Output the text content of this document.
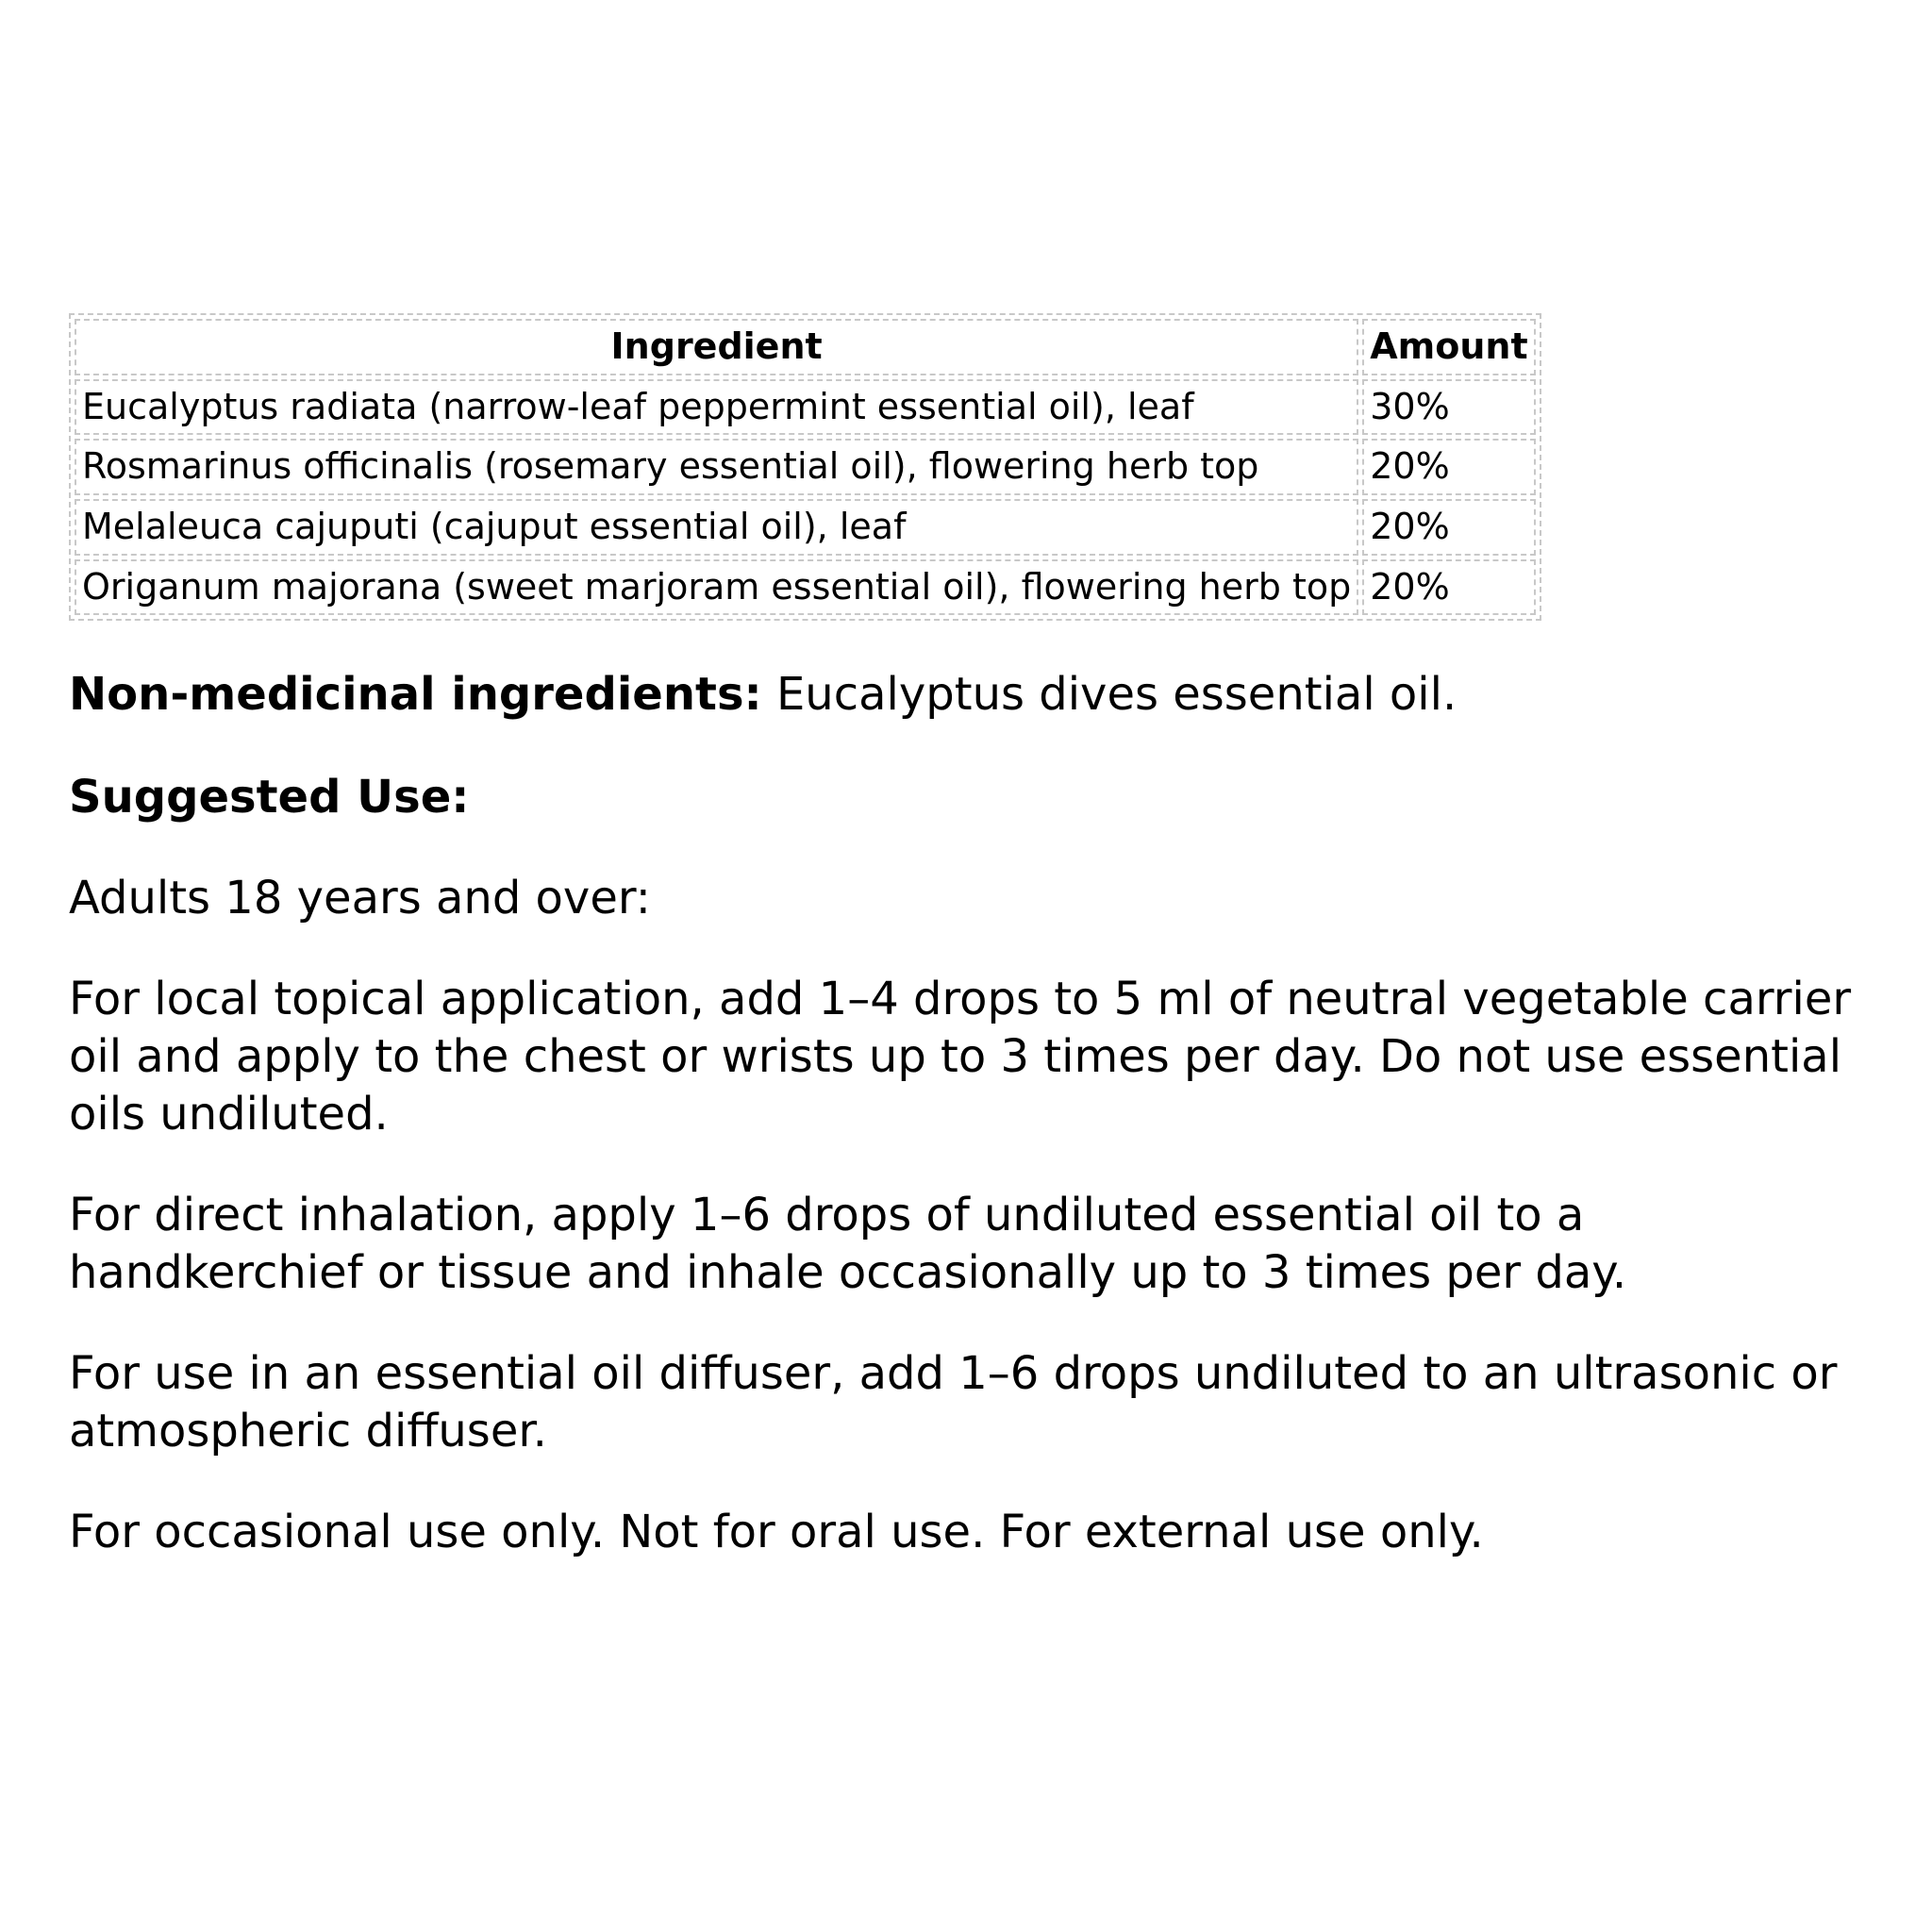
Ingredient	Amount
Eucalyptus radiata (narrow-leaf peppermint essential oil), leaf	30%
Rosmarinus officinalis (rosemary essential oil), flowering herb top	20%
Melaleuca cajuputi (cajuput essential oil), leaf	20%
Origanum majorana (sweet marjoram essential oil), flowering herb top	20%

Non-medicinal ingredients: Eucalyptus dives essential oil.

Suggested Use:

Adults 18 years and over:

For local topical application, add 1–4 drops to 5 ml of neutral vegetable carrier oil and apply to the chest or wrists up to 3 times per day. Do not use essential oils undiluted.

For direct inhalation, apply 1–6 drops of undiluted essential oil to a handkerchief or tissue and inhale occasionally up to 3 times per day.

For use in an essential oil diffuser, add 1–6 drops undiluted to an ultrasonic or atmospheric diffuser.

For occasional use only. Not for oral use. For external use only.
